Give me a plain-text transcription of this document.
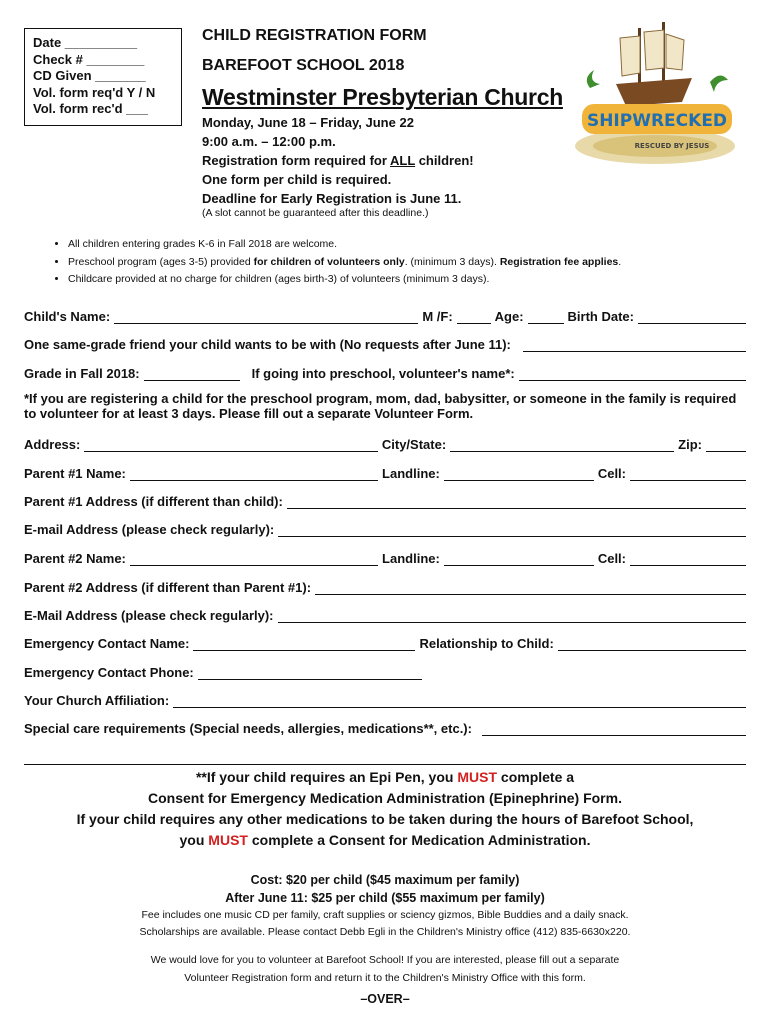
Date __________
Check # ________
CD Given _______
Vol. form req'd Y / N
Vol. form rec'd ___
CHILD REGISTRATION FORM
BAREFOOT SCHOOL 2018
Westminster Presbyterian Church
Monday, June 18 – Friday, June 22
9:00 a.m. – 12:00 p.m.
Registration form required for ALL children!
One form per child is required.
Deadline for Early Registration is June 11.
(A slot cannot be guaranteed after this deadline.)
SHIPWRECKED
RESCUED BY JESUS
• All children entering grades K-6 in Fall 2018 are welcome.
• Preschool program (ages 3-5) provided for children of volunteers only. (minimum 3 days). Registration fee applies.
• Childcare provided at no charge for children (ages birth-3) of volunteers (minimum 3 days).
Child's Name:	M /F:	Age:	Birth Date:
One same-grade friend your child wants to be with (No requests after June 11):
Grade in Fall 2018:	If going into preschool, volunteer's name*:
*If you are registering a child for the preschool program, mom, dad, babysitter, or someone in the family is required to volunteer for at least 3 days. Please fill out a separate Volunteer Form.
Address:	City/State:	Zip:
Parent #1 Name:	Landline:	Cell:
Parent #1 Address (if different than child):
E-mail Address (please check regularly):
Parent #2 Name:	Landline:	Cell:
Parent #2 Address (if different than Parent #1):
E-Mail Address (please check regularly):
Emergency Contact Name:	Relationship to Child:
Emergency Contact Phone:
Your Church Affiliation:
Special care requirements (Special needs, allergies, medications**, etc.):
**If your child requires an Epi Pen, you MUST complete a
Consent for Emergency Medication Administration (Epinephrine) Form.
If your child requires any other medications to be taken during the hours of Barefoot School,
you MUST complete a Consent for Medication Administration.
Cost: $20 per child ($45 maximum per family)
After June 11: $25 per child ($55 maximum per family)
Fee includes one music CD per family, craft supplies or sciency gizmos, Bible Buddies and a daily snack.
Scholarships are available. Please contact Debb Egli in the Children's Ministry office (412) 835-6630x220.
We would love for you to volunteer at Barefoot School! If you are interested, please fill out a separate
Volunteer Registration form and return it to the Children's Ministry Office with this form.
–OVER–
